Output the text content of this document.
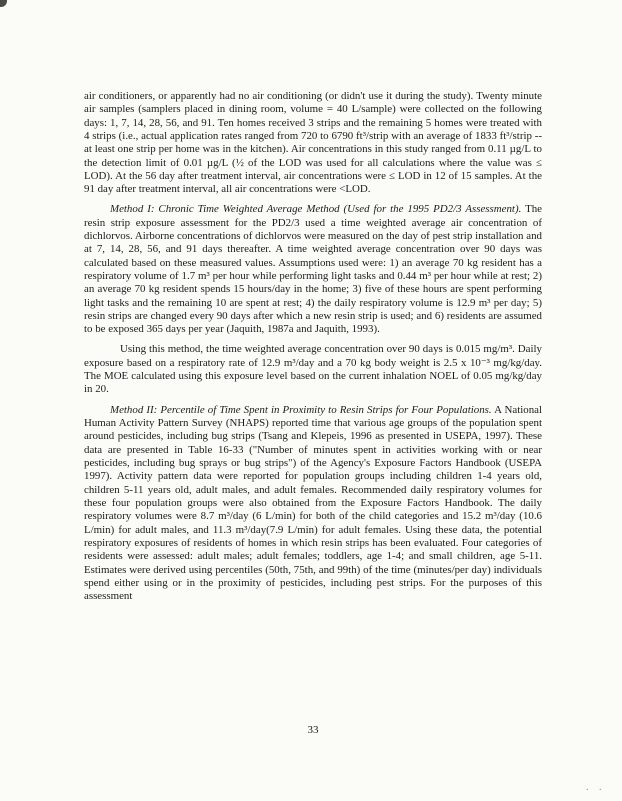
air conditioners, or apparently had no air conditioning (or didn't use it during the study). Twenty minute air samples (samplers placed in dining room, volume = 40 L/sample) were collected on the following days: 1, 7, 14, 28, 56, and 91. Ten homes received 3 strips and the remaining 5 homes were treated with 4 strips (i.e., actual application rates ranged from 720 to 6790 ft³/strip with an average of 1833 ft³/strip -- at least one strip per home was in the kitchen). Air concentrations in this study ranged from 0.11 µg/L to the detection limit of 0.01 µg/L (½ of the LOD was used for all calculations where the value was ≤ LOD). At the 56 day after treatment interval, air concentrations were ≤ LOD in 12 of 15 samples. At the 91 day after treatment interval, all air concentrations were <LOD.

Method I: Chronic Time Weighted Average Method (Used for the 1995 PD2/3 Assessment). The resin strip exposure assessment for the PD2/3 used a time weighted average air concentration of dichlorvos. Airborne concentrations of dichlorvos were measured on the day of pest strip installation and at 7, 14, 28, 56, and 91 days thereafter. A time weighted average concentration over 90 days was calculated based on these measured values. Assumptions used were: 1) an average 70 kg resident has a respiratory volume of 1.7 m³ per hour while performing light tasks and 0.44 m³ per hour while at rest; 2) an average 70 kg resident spends 15 hours/day in the home; 3) five of these hours are spent performing light tasks and the remaining 10 are spent at rest; 4) the daily respiratory volume is 12.9 m³ per day; 5) resin strips are changed every 90 days after which a new resin strip is used; and 6) residents are assumed to be exposed 365 days per year (Jaquith, 1987a and Jaquith, 1993).

Using this method, the time weighted average concentration over 90 days is 0.015 mg/m³. Daily exposure based on a respiratory rate of 12.9 m³/day and a 70 kg body weight is 2.5 x 10⁻³ mg/kg/day. The MOE calculated using this exposure level based on the current inhalation NOEL of 0.05 mg/kg/day in 20.

Method II: Percentile of Time Spent in Proximity to Resin Strips for Four Populations. A National Human Activity Pattern Survey (NHAPS) reported time that various age groups of the population spent around pesticides, including bug strips (Tsang and Klepeis, 1996 as presented in USEPA, 1997). These data are presented in Table 16-33 ("Number of minutes spent in activities working with or near pesticides, including bug sprays or bug strips") of the Agency's Exposure Factors Handbook (USEPA 1997). Activity pattern data were reported for population groups including children 1-4 years old, children 5-11 years old, adult males, and adult females. Recommended daily respiratory volumes for these four population groups were also obtained from the Exposure Factors Handbook. The daily respiratory volumes were 8.7 m³/day (6 L/min) for both of the child categories and 15.2 m³/day (10.6 L/min) for adult males, and 11.3 m³/day(7.9 L/min) for adult females. Using these data, the potential respiratory exposures of residents of homes in which resin strips has been evaluated. Four categories of residents were assessed: adult males; adult females; toddlers, age 1-4; and small children, age 5-11. Estimates were derived using percentiles (50th, 75th, and 99th) of the time (minutes/per day) individuals spend either using or in the proximity of pesticides, including pest strips. For the purposes of this assessment

33
. .
